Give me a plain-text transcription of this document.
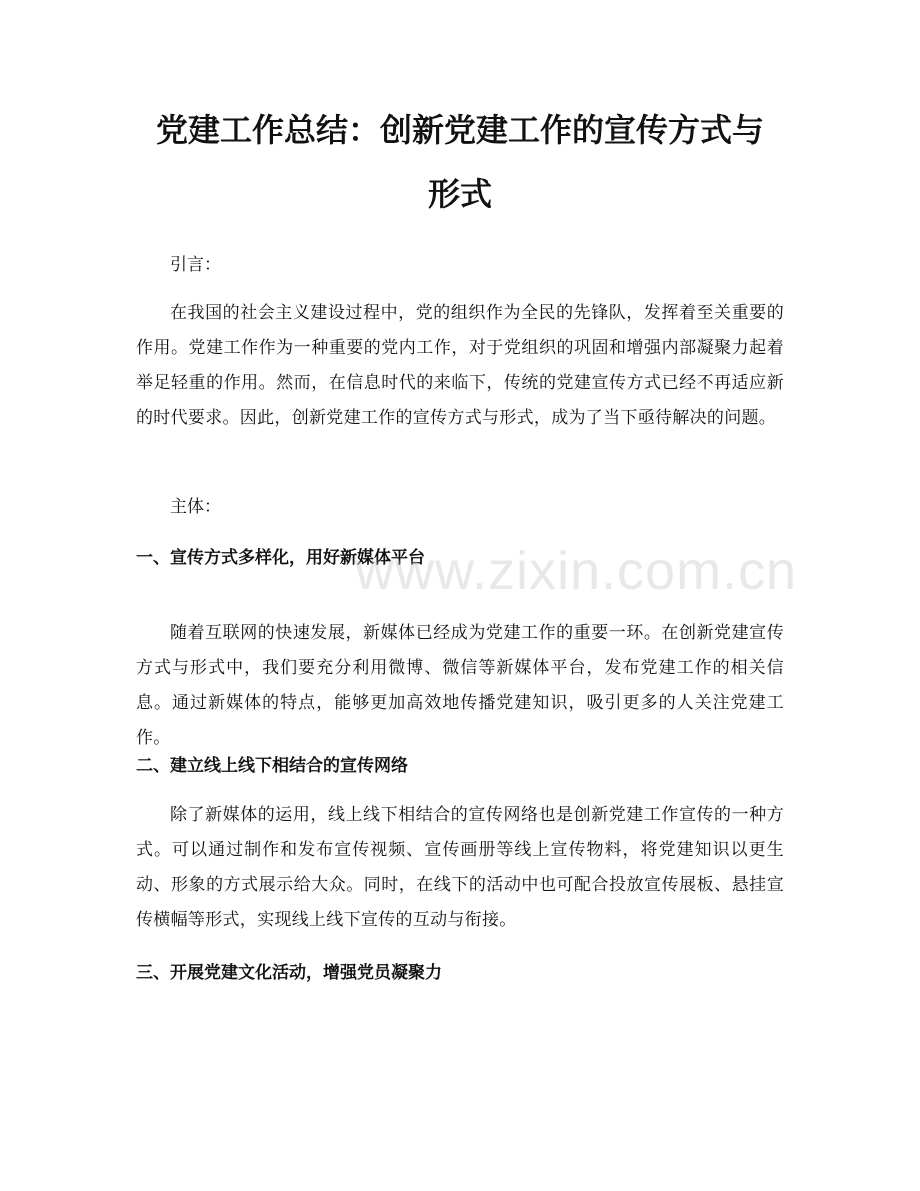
党建工作总结：创新党建工作的宣传方式与
形式

引言：

在我国的社会主义建设过程中，党的组织作为全民的先锋队，发挥着至关重要的作用。党建工作作为一种重要的党内工作，对于党组织的巩固和增强内部凝聚力起着举足轻重的作用。然而，在信息时代的来临下，传统的党建宣传方式已经不再适应新的时代要求。因此，创新党建工作的宣传方式与形式，成为了当下亟待解决的问题。

主体：

一、宣传方式多样化，用好新媒体平台

随着互联网的快速发展，新媒体已经成为党建工作的重要一环。在创新党建宣传方式与形式中，我们要充分利用微博、微信等新媒体平台，发布党建工作的相关信息。通过新媒体的特点，能够更加高效地传播党建知识，吸引更多的人关注党建工作。

二、建立线上线下相结合的宣传网络

除了新媒体的运用，线上线下相结合的宣传网络也是创新党建工作宣传的一种方式。可以通过制作和发布宣传视频、宣传画册等线上宣传物料，将党建知识以更生动、形象的方式展示给大众。同时，在线下的活动中也可配合投放宣传展板、悬挂宣传横幅等形式，实现线上线下宣传的互动与衔接。

三、开展党建文化活动，增强党员凝聚力
www.zixin.com.cn
